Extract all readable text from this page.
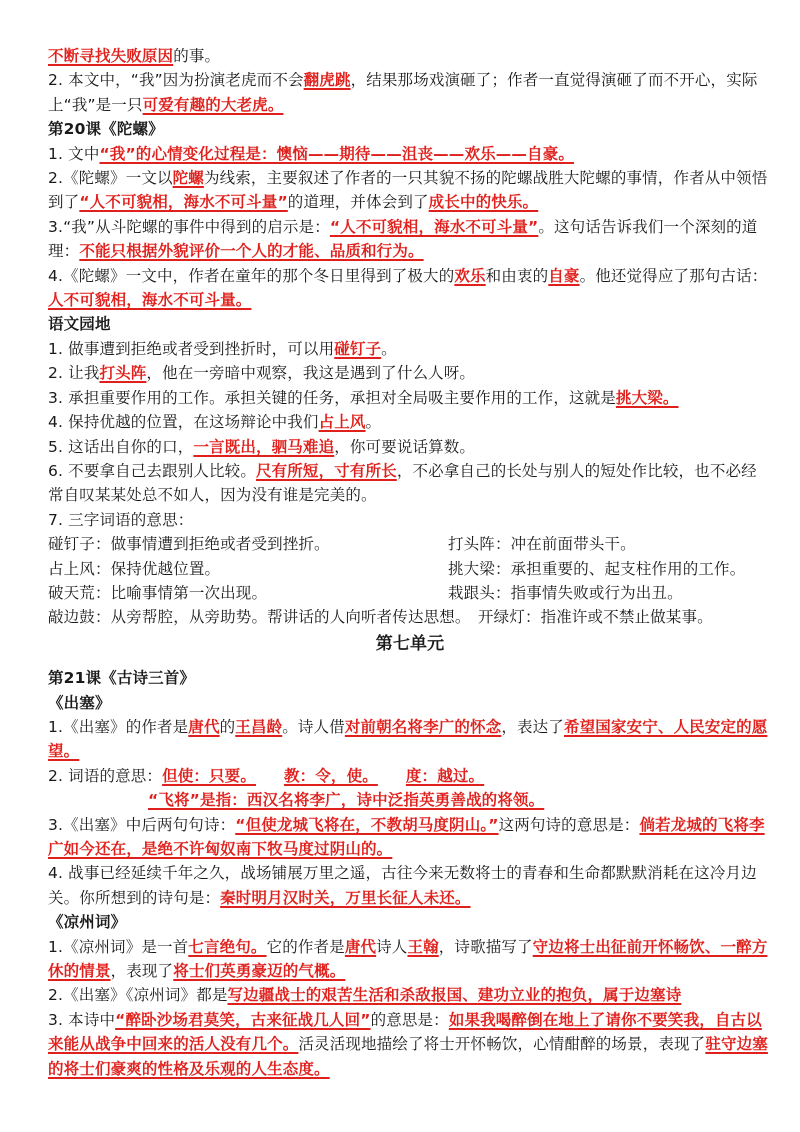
不断寻找失败原因的事。

2. 本文中，“我”因为扮演老虎而不会翻虎跳，结果那场戏演砸了；作者一直觉得演砸了而不开心，实际上“我”是一只可爱有趣的大老虎。

第20课《陀螺》

1. 文中“我”的心情变化过程是：懊恼——期待——沮丧——欢乐——自豪。

2.《陀螺》一文以陀螺为线索，主要叙述了作者的一只其貌不扬的陀螺战胜大陀螺的事情，作者从中领悟到了“人不可貌相，海水不可斗量”的道理，并体会到了成长中的快乐。

3.“我”从斗陀螺的事件中得到的启示是：“人不可貌相，海水不可斗量”。这句话告诉我们一个深刻的道理：不能只根据外貌评价一个人的才能、品质和行为。

4.《陀螺》一文中，作者在童年的那个冬日里得到了极大的欢乐和由衷的自豪。他还觉得应了那句古话：人不可貌相，海水不可斗量。

语文园地

1. 做事遭到拒绝或者受到挫折时，可以用碰钉子。

2. 让我打头阵，他在一旁暗中观察，我这是遇到了什么人呀。

3. 承担重要作用的工作。承担关键的任务，承担对全局吸主要作用的工作，这就是挑大梁。

4. 保持优越的位置，在这场辩论中我们占上风。

5. 这话出自你的口，一言既出，驷马难追，你可要说话算数。

6. 不要拿自己去跟别人比较。尺有所短，寸有所长，不必拿自己的长处与别人的短处作比较，也不必经常自叹某某处总不如人，因为没有谁是完美的。

7. 三字词语的意思：

碰钉子：做事情遭到拒绝或者受到挫折。	打头阵：冲在前面带头干。
占上风：保持优越位置。	挑大梁：承担重要的、起支柱作用的工作。
破天荒：比喻事情第一次出现。	栽跟头：指事情失败或行为出丑。
敲边鼓：从旁帮腔，从旁助势。帮讲话的人向听者传达思想。 开绿灯：指准许或不禁止做某事。

第七单元

第21课《古诗三首》

《出塞》

1.《出塞》的作者是唐代的王昌龄。诗人借对前朝名将李广的怀念，表达了希望国家安宁、人民安定的愿望。

2. 词语的意思：但使：只要。 教：令，使。 度：越过。

“飞将”是指：西汉名将李广，诗中泛指英勇善战的将领。

3.《出塞》中后两句句诗：“但使龙城飞将在，不教胡马度阴山。”这两句诗的意思是：倘若龙城的飞将李广如今还在，是绝不许匈奴南下牧马度过阴山的。

4. 战事已经延续千年之久，战场铺展万里之遥，古往今来无数将士的青春和生命都默默消耗在这冷月边关。你所想到的诗句是：秦时明月汉时关，万里长征人未还。

《凉州词》

1.《凉州词》是一首七言绝句。它的作者是唐代诗人王翰，诗歌描写了守边将士出征前开怀畅饮、一醉方休的情景，表现了将士们英勇豪迈的气概。

2.《出塞》《凉州词》都是写边疆战士的艰苦生活和杀敌报国、建功立业的抱负，属于边塞诗

3. 本诗中“醉卧沙场君莫笑，古来征战几人回”的意思是：如果我喝醉倒在地上了请你不要笑我，自古以来能从战争中回来的活人没有几个。活灵活现地描绘了将士开怀畅饮，心情酣醉的场景，表现了驻守边塞的将士们豪爽的性格及乐观的人生态度。
